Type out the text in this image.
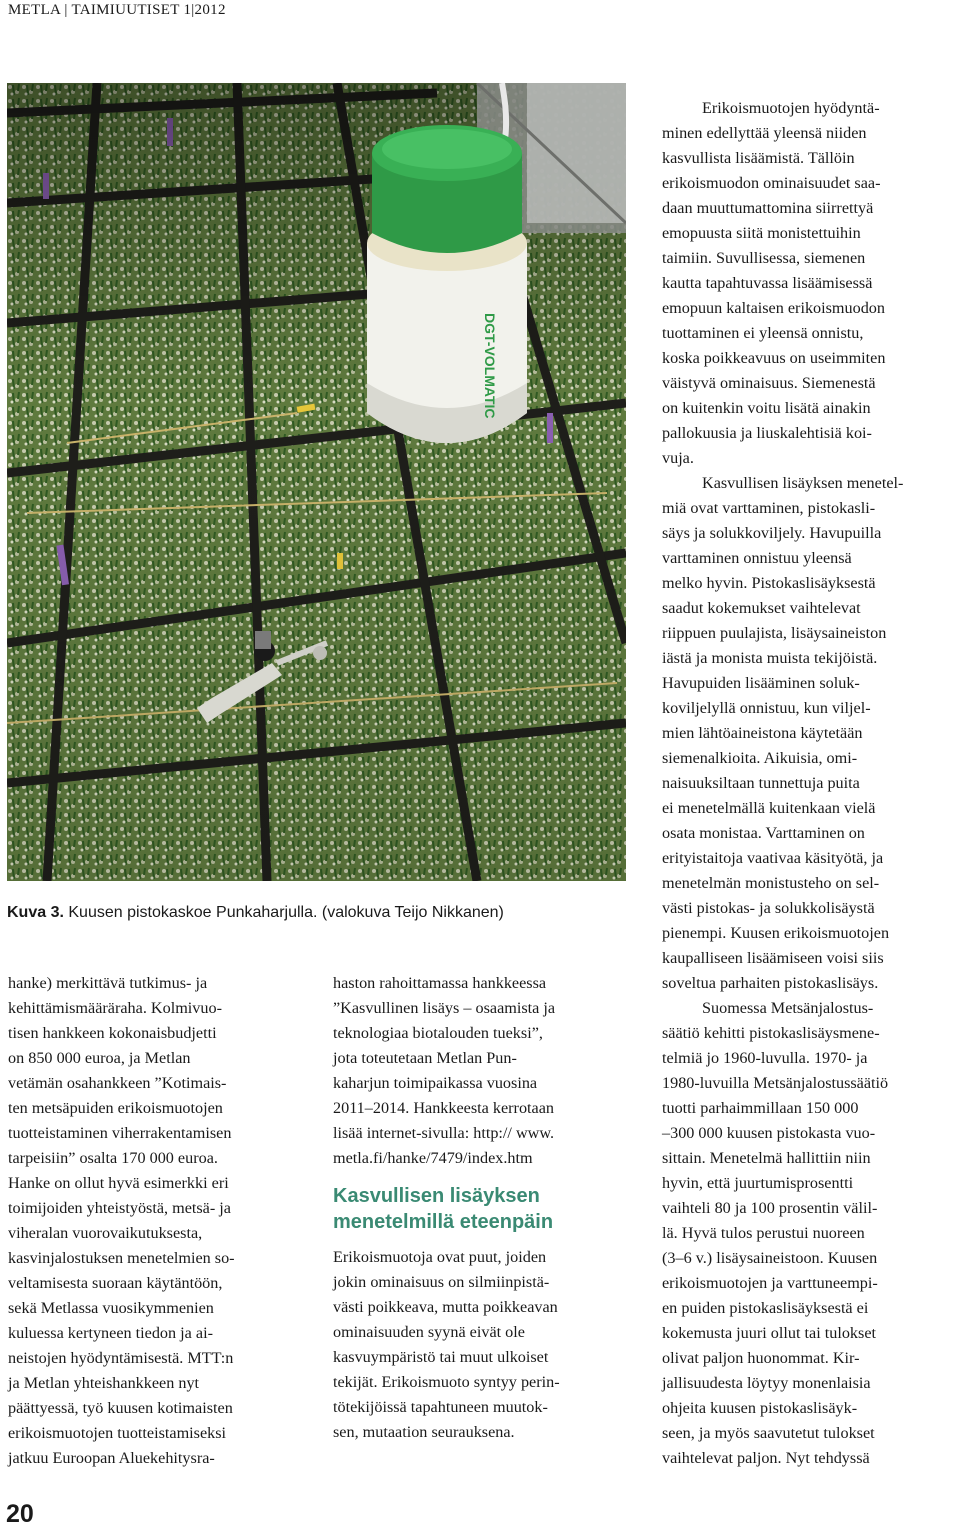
METLA | TAIMIUUTISET 1|2012
DGT-VOLMATIC
Kuva 3. Kuusen pistokaskoe Punkaharjulla. (valokuva Teijo Nikkanen)

hanke) merkittävä tutkimus- ja
kehittämismääräraha. Kolmivuo-
tisen hankkeen kokonaisbudjetti
on 850 000 euroa, ja Metlan
vetämän osahankkeen ”Kotimais-
ten metsäpuiden erikoismuotojen
tuotteistaminen viherrakentamisen
tarpeisiin” osalta 170 000 euroa.
Hanke on ollut hyvä esimerkki eri
toimijoiden yhteistyöstä, metsä- ja
viheralan vuorovaikutuksesta,
kasvinjalostuksen menetelmien so-
veltamisesta suoraan käytäntöön,
sekä Metlassa vuosikymmenien
kuluessa kertyneen tiedon ja ai-
neistojen hyödyntämisestä. MTT:n
ja Metlan yhteishankkeen nyt
päättyessä, työ kuusen kotimaisten
erikoismuotojen tuotteistamiseksi
jatkuu Euroopan Aluekehitysra-

haston rahoittamassa hankkeessa
”Kasvullinen lisäys – osaamista ja
teknologiaa biotalouden tueksi”,
jota toteutetaan Metlan Pun-
kaharjun toimipaikassa vuosina
2011–2014. Hankkeesta kerrotaan
lisää internet-sivulla: http:// www.
metla.fi/hanke/7479/index.htm

Kasvullisen lisäyksen
menetelmillä eteenpäin

Erikoismuotoja ovat puut, joiden
jokin ominaisuus on silmiinpistä-
västi poikkeava, mutta poikkeavan
ominaisuuden syynä eivät ole
kasvuympäristö tai muut ulkoiset
tekijät. Erikoismuoto syntyy perin-
tötekijöissä tapahtuneen muutok-
sen, mutaation seurauksena.

Erikoismuotojen hyödyntä-
minen edellyttää yleensä niiden
kasvullista lisäämistä. Tällöin
erikoismuodon ominaisuudet saa-
daan muuttumattomina siirrettyä
emopuusta siitä monistettuihin
taimiin. Suvullisessa, siemenen
kautta tapahtuvassa lisäämisessä
emopuun kaltaisen erikoismuodon
tuottaminen ei yleensä onnistu,
koska poikkeavuus on useimmiten
väistyvä ominaisuus. Siemenestä
on kuitenkin voitu lisätä ainakin
pallokuusia ja liuskalehtisiä koi-
vuja.

Kasvullisen lisäyksen menetel-
miä ovat varttaminen, pistokasli-
säys ja solukkoviljely. Havupuilla
varttaminen onnistuu yleensä
melko hyvin. Pistokaslisäyksestä
saadut kokemukset vaihtelevat
riippuen puulajista, lisäysaineiston
iästä ja monista muista tekijöistä.
Havupuiden lisääminen soluk-
koviljelyllä onnistuu, kun viljel-
mien lähtöaineistona käytetään
siemenalkioita. Aikuisia, omi-
naisuuksiltaan tunnettuja puita
ei menetelmällä kuitenkaan vielä
osata monistaa. Varttaminen on
erityistaitoja vaativaa käsityötä, ja
menetelmän monistusteho on sel-
västi pistokas- ja solukkolisäystä
pienempi. Kuusen erikoismuotojen
kaupalliseen lisäämiseen voisi siis
soveltua parhaiten pistokaslisäys.

Suomessa Metsänjalostus-
säätiö kehitti pistokaslisäysmene-
telmiä jo 1960-luvulla. 1970- ja
1980-luvuilla Metsänjalostussäätiö
tuotti parhaimmillaan 150 000
–300 000 kuusen pistokasta vuo-
sittain. Menetelmä hallittiin niin
hyvin, että juurtumisprosentti
vaihteli 80 ja 100 prosentin välil-
lä. Hyvä tulos perustui nuoreen
(3–6 v.) lisäysaineistoon. Kuusen
erikoismuotojen ja varttuneempi-
en puiden pistokaslisäyksestä ei
kokemusta juuri ollut tai tulokset
olivat paljon huonommat. Kir-
jallisuudesta löytyy monenlaisia
ohjeita kuusen pistokaslisäyk-
seen, ja myös saavutetut tulokset
vaihtelevat paljon. Nyt tehdyssä

20
